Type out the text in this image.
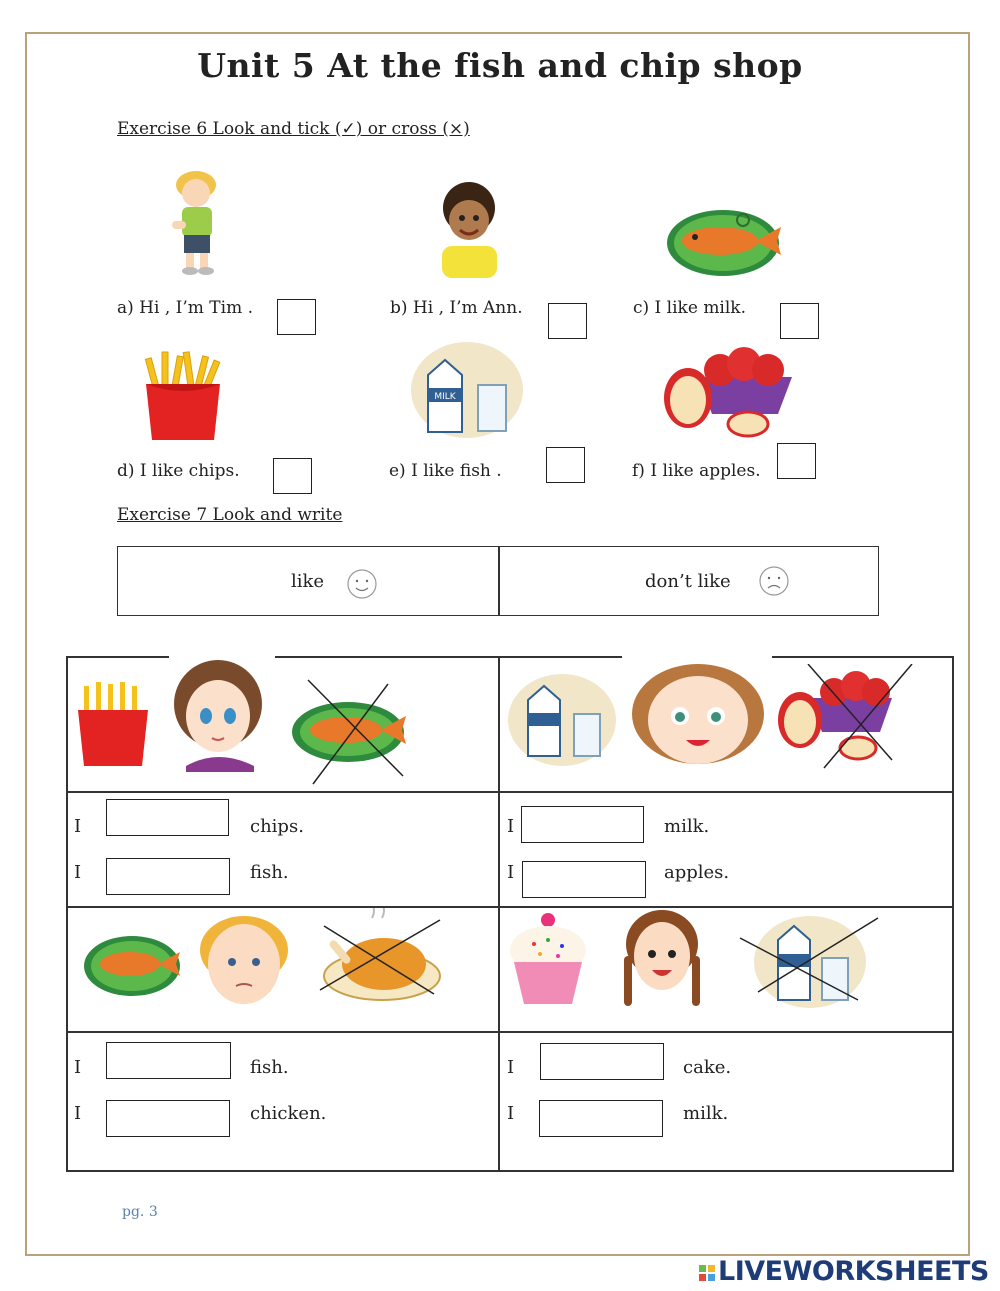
Unit 5 At the fish and chip shop
Exercise 6 Look and tick (✓) or cross (×)
a) Hi , I’m Tim .	b) Hi , I’m Ann.	c) I like milk.
MILK
d) I like chips.	e) I like fish .	f) I like apples.
Exercise 7 Look and write
like	don’t like
I	chips.
I	fish.
I	milk.
I	apples.
I	fish.
I	chicken.
I	cake.
I	milk.
pg. 3
LIVEWORKSHEETS
